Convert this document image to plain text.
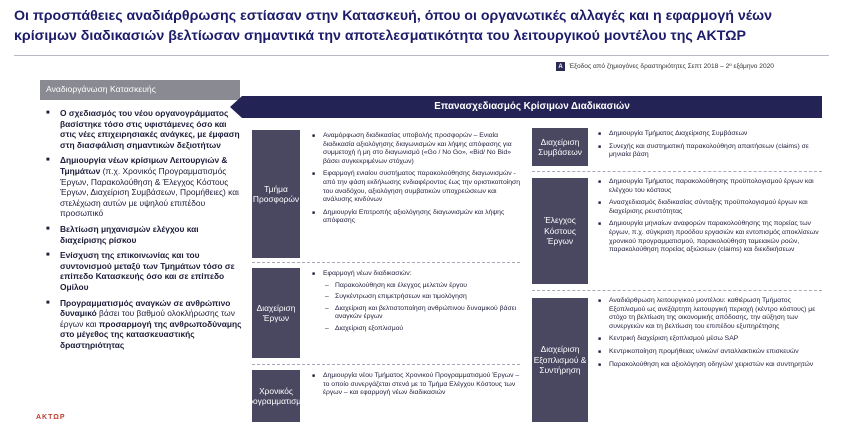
Οι προσπάθειες αναδιάρθρωσης εστίασαν στην Κατασκευή, όπου οι οργανωτικές αλλαγές και η εφαρμογή νέων κρίσιμων διαδικασιών βελτίωσαν σημαντικά την αποτελεσματικότητα του λειτουργικού μοντέλου της ΑΚΤΩΡ
A Έξοδος από ζημιογόνες δραστηριότητες Σεπτ 2018 – 2º εξάμηνο 2020
Αναδιοργάνωση Κατασκευής
■ Ο σχεδιασμός του νέου οργανογράμματος βασίστηκε τόσο στις υφιστάμενες όσο και στις νέες επιχειρησιακές ανάγκες, με έμφαση στη διασφάλιση σημαντικών δεξιοτήτων
■ Δημιουργία νέων κρίσιμων Λειτουργιών & Τμημάτων (π.χ. Χρονικός Προγραμματισμός Έργων, Παρακολούθηση & Έλεγχος Κόστους Έργων, Διαχείριση Συμβάσεων, Προμήθειες) και στελέχωση αυτών με υψηλού επιπέδου προσωπικό
■ Βελτίωση μηχανισμών ελέγχου και διαχείρισης ρίσκου
■ Ενίσχυση της επικοινωνίας και του συντονισμού μεταξύ των Τμημάτων τόσο σε επίπεδο Κατασκευής όσο και σε επίπεδο Ομίλου
■ Προγραμματισμός αναγκών σε ανθρώπινο δυναμικό βάσει του βαθμού ολοκλήρωσης των έργων και προσαρμογή της ανθρωποδύναμης στο μέγεθος της κατασκευαστικής δραστηριότητας
ΑΚΤΩΡ
Επανασχεδιασμός Κρίσιμων Διαδικασιών
Τμήμα Προσφορών
Διαχείριση Έργων
Χρονικός Προγραμματισμός
■ Αναμόρφωση διαδικασίας υποβολής προσφορών – Ενιαία διαδικασία αξιολόγησης διαγωνισμών και λήψης απόφασης για συμμετοχή ή μη στο διαγωνισμό («Go / No Go», «Bid/ No Bid» βάσει συγκεκριμένων στόχων)
■ Εφαρμογή ενιαίου συστήματος παρακολούθησης διαγωνισμών - από την φάση εκδήλωσης ενδιαφέροντος έως την οριστικοποίηση του αναδόχου, αξιολόγηση συμβατικών υποχρεώσεων και ανάλυσης κινδύνων
■ Δημιουργία Επιτροπής αξιολόγησης διαγωνισμών και λήψης απόφασης
■ Εφαρμογή νέων διαδικασιών:
– Παρακολούθηση και έλεγχος μελετών έργου
– Συγκέντρωση επιμετρήσεων και τιμολόγηση
– Διαχείριση και βελτιστοποίηση ανθρώπινου δυναμικού βάσει αναγκών έργων
– Διαχείριση εξοπλισμού
■ Δημιουργία νέου Τμήματος Χρονικού Προγραμματισμού Έργων – το οποίο συνεργάζεται στενά με το Τμήμα Ελέγχου Κόστους των έργων – και εφαρμογή νέων διαδικασιών
Διαχείριση Συμβάσεων
Έλεγχος Κόστους Έργων
Διαχείριση Εξοπλισμού & Συντήρηση
■ Δημιουργία Τμήματος Διαχείρισης Συμβάσεων
■ Συνεχής και συστηματική παρακολούθηση απαιτήσεων (claims) σε μηνιαία βάση
■ Δημιουργία Τμήματος παρακολούθησης προϋπολογισμού έργων και ελέγχου του κόστους
■ Ανασχεδιασμός διαδικασίας σύνταξης προϋπολογισμού έργων και διαχείρισης ρευστότητας
■ Δημιουργία μηνιαίων αναφορών παρακολούθησης της πορείας των έργων, π.χ. σύγκριση προόδου εργασιών και εντοπισμός αποκλίσεων χρονικού προγραμματισμού, παρακολούθηση ταμειακών ροών, παρακολούθηση πορείας αξιώσεων (claims) και διεκδικήσεων
■ Αναδιάρθρωση λειτουργικού μοντέλου: καθιέρωση Τμήματος Εξοπλισμού ως ανεξάρτητη λειτουργική περιοχή (κέντρο κόστους) με στόχο τη βελτίωση της οικονομικής απόδοσης, την αύξηση των συνεργειών και τη βελτίωση του επιπέδου εξυπηρέτησης
■ Κεντρική διαχείριση εξοπλισμού μέσω SAP
■ Κεντρικοποίηση προμήθειας υλικών/ ανταλλακτικών επισκευών
■ Παρακολούθηση και αξιολόγηση οδηγών/ χειριστών και συντηρητών
